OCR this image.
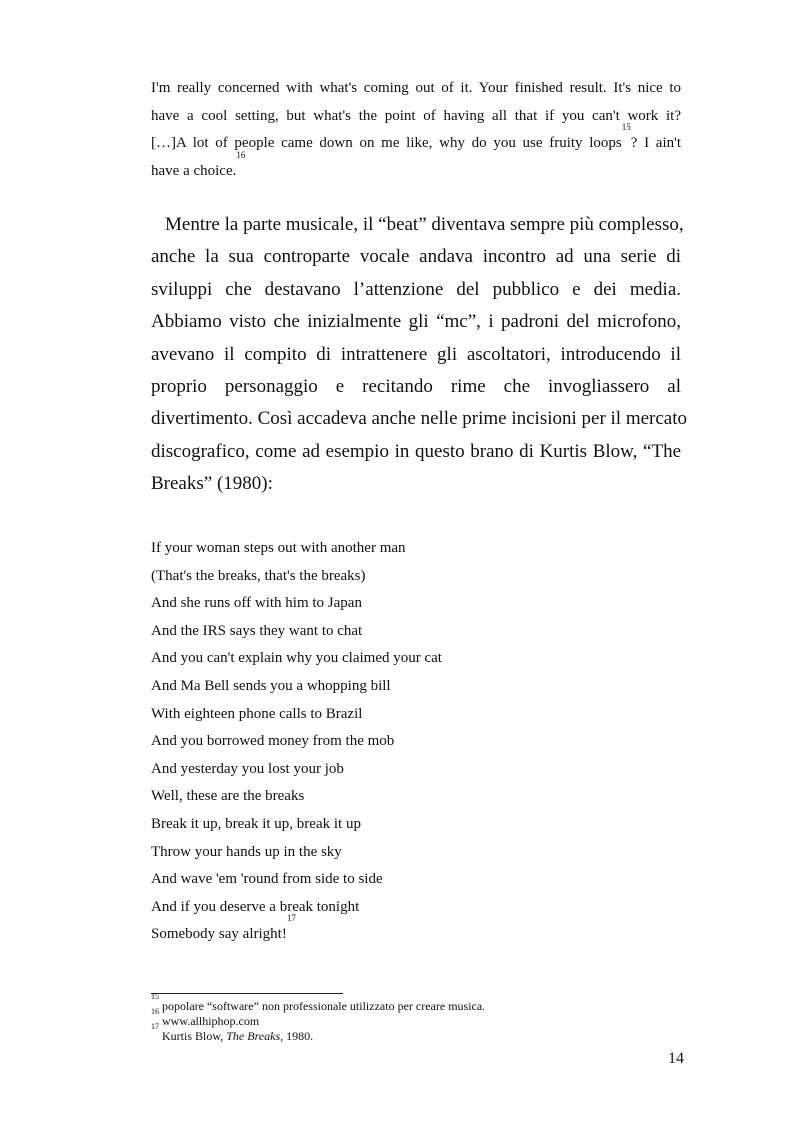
I'm really concerned with what's coming out of it. Your finished result. It's nice to
have a cool setting, but what's the point of having all that if you can't work it?
[…]A lot of people came down on me like, why do you use fruity loops$^{15}$? I ain't
have a choice.$^{16}$
Mentre la parte musicale, il “beat” diventava sempre più complesso,
anche la sua controparte vocale andava incontro ad una serie di
sviluppi che destavano l’attenzione del pubblico e dei media.
Abbiamo visto che inizialmente gli “mc”, i padroni del microfono,
avevano il compito di intrattenere gli ascoltatori, introducendo il
proprio personaggio e recitando rime che invogliassero al
divertimento. Così accadeva anche nelle prime incisioni per il mercato
discografico, come ad esempio in questo brano di Kurtis Blow, “The
Breaks” (1980):
If your woman steps out with another man
(That's the breaks, that's the breaks)
And she runs off with him to Japan
And the IRS says they want to chat
And you can't explain why you claimed your cat
And Ma Bell sends you a whopping bill
With eighteen phone calls to Brazil
And you borrowed money from the mob
And yesterday you lost your job
Well, these are the breaks
Break it up, break it up, break it up
Throw your hands up in the sky
And wave 'em 'round from side to side
And if you deserve a break tonight
Somebody say alright!$^{17}$
$^{15}$ popolare “software” non professionale utilizzato per creare musica.
$^{16}$ www.allhiphop.com
$^{17}$ Kurtis Blow, The Breaks, 1980.
14
